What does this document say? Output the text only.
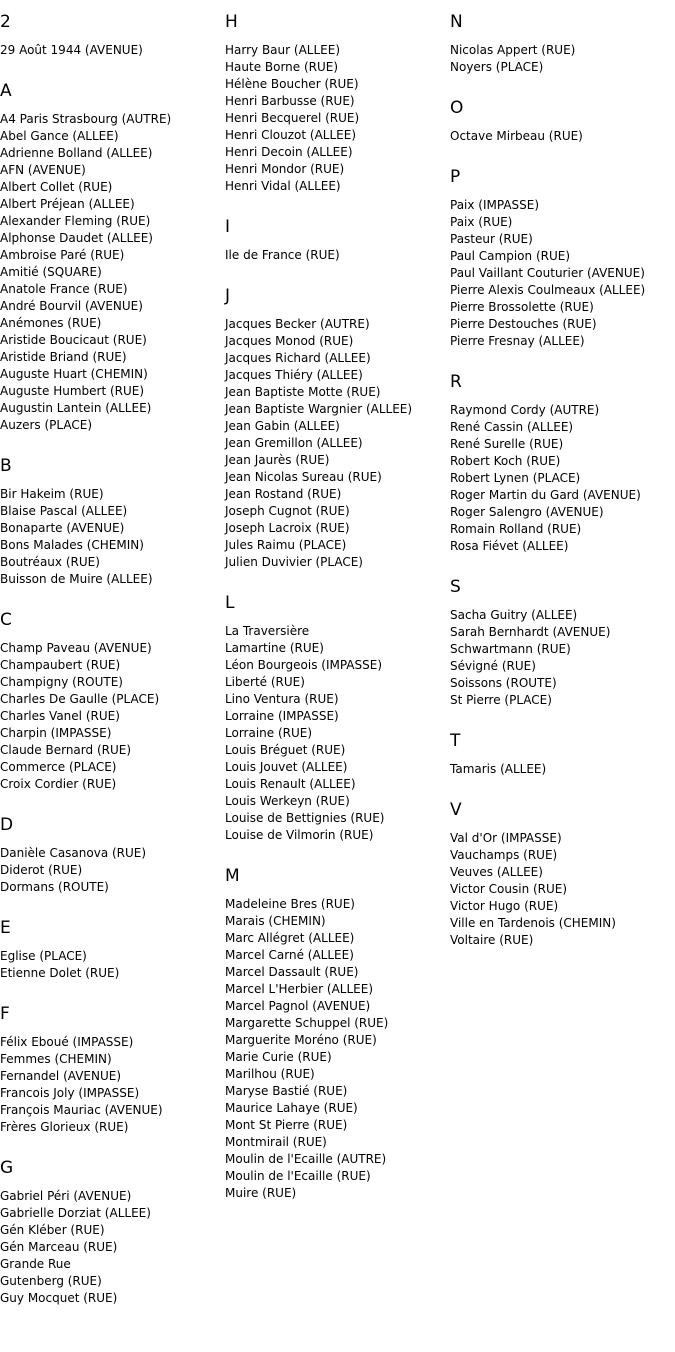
2
29 Août 1944 (AVENUE)
A
A4 Paris Strasbourg (AUTRE)
Abel Gance (ALLEE)
Adrienne Bolland (ALLEE)
AFN (AVENUE)
Albert Collet (RUE)
Albert Préjean (ALLEE)
Alexander Fleming (RUE)
Alphonse Daudet (ALLEE)
Ambroise Paré (RUE)
Amitié (SQUARE)
Anatole France (RUE)
André Bourvil (AVENUE)
Anémones (RUE)
Aristide Boucicaut (RUE)
Aristide Briand (RUE)
Auguste Huart (CHEMIN)
Auguste Humbert (RUE)
Augustin Lantein (ALLEE)
Auzers (PLACE)
B
Bir Hakeim (RUE)
Blaise Pascal (ALLEE)
Bonaparte (AVENUE)
Bons Malades (CHEMIN)
Boutréaux (RUE)
Buisson de Muire (ALLEE)
C
Champ Paveau (AVENUE)
Champaubert (RUE)
Champigny (ROUTE)
Charles De Gaulle (PLACE)
Charles Vanel (RUE)
Charpin (IMPASSE)
Claude Bernard (RUE)
Commerce (PLACE)
Croix Cordier (RUE)
D
Danièle Casanova (RUE)
Diderot (RUE)
Dormans (ROUTE)
E
Eglise (PLACE)
Etienne Dolet (RUE)
F
Félix Eboué (IMPASSE)
Femmes (CHEMIN)
Fernandel (AVENUE)
Francois Joly (IMPASSE)
François Mauriac (AVENUE)
Frères Glorieux (RUE)
G
Gabriel Péri (AVENUE)
Gabrielle Dorziat (ALLEE)
Gén Kléber (RUE)
Gén Marceau (RUE)
Grande Rue
Gutenberg (RUE)
Guy Mocquet (RUE)
H
Harry Baur (ALLEE)
Haute Borne (RUE)
Hélène Boucher (RUE)
Henri Barbusse (RUE)
Henri Becquerel (RUE)
Henri Clouzot (ALLEE)
Henri Decoin (ALLEE)
Henri Mondor (RUE)
Henri Vidal (ALLEE)
I
Ile de France (RUE)
J
Jacques Becker (AUTRE)
Jacques Monod (RUE)
Jacques Richard (ALLEE)
Jacques Thiéry (ALLEE)
Jean Baptiste Motte (RUE)
Jean Baptiste Wargnier (ALLEE)
Jean Gabin (ALLEE)
Jean Gremillon (ALLEE)
Jean Jaurès (RUE)
Jean Nicolas Sureau (RUE)
Jean Rostand (RUE)
Joseph Cugnot (RUE)
Joseph Lacroix (RUE)
Jules Raimu (PLACE)
Julien Duvivier (PLACE)
L
La Traversière
Lamartine (RUE)
Léon Bourgeois (IMPASSE)
Liberté (RUE)
Lino Ventura (RUE)
Lorraine (IMPASSE)
Lorraine (RUE)
Louis Bréguet (RUE)
Louis Jouvet (ALLEE)
Louis Renault (ALLEE)
Louis Werkeyn (RUE)
Louise de Bettignies (RUE)
Louise de Vilmorin (RUE)
M
Madeleine Bres (RUE)
Marais (CHEMIN)
Marc Allégret (ALLEE)
Marcel Carné (ALLEE)
Marcel Dassault (RUE)
Marcel L'Herbier (ALLEE)
Marcel Pagnol (AVENUE)
Margarette Schuppel (RUE)
Marguerite Moréno (RUE)
Marie Curie (RUE)
Marilhou (RUE)
Maryse Bastié (RUE)
Maurice Lahaye (RUE)
Mont St Pierre (RUE)
Montmirail (RUE)
Moulin de l'Ecaille (AUTRE)
Moulin de l'Ecaille (RUE)
Muire (RUE)
N
Nicolas Appert (RUE)
Noyers (PLACE)
O
Octave Mirbeau (RUE)
P
Paix (IMPASSE)
Paix (RUE)
Pasteur (RUE)
Paul Campion (RUE)
Paul Vaillant Couturier (AVENUE)
Pierre Alexis Coulmeaux (ALLEE)
Pierre Brossolette (RUE)
Pierre Destouches (RUE)
Pierre Fresnay (ALLEE)
R
Raymond Cordy (AUTRE)
René Cassin (ALLEE)
René Surelle (RUE)
Robert Koch (RUE)
Robert Lynen (PLACE)
Roger Martin du Gard (AVENUE)
Roger Salengro (AVENUE)
Romain Rolland (RUE)
Rosa Fiévet (ALLEE)
S
Sacha Guitry (ALLEE)
Sarah Bernhardt (AVENUE)
Schwartmann (RUE)
Sévigné (RUE)
Soissons (ROUTE)
St Pierre (PLACE)
T
Tamaris (ALLEE)
V
Val d'Or (IMPASSE)
Vauchamps (RUE)
Veuves (ALLEE)
Victor Cousin (RUE)
Victor Hugo (RUE)
Ville en Tardenois (CHEMIN)
Voltaire (RUE)
